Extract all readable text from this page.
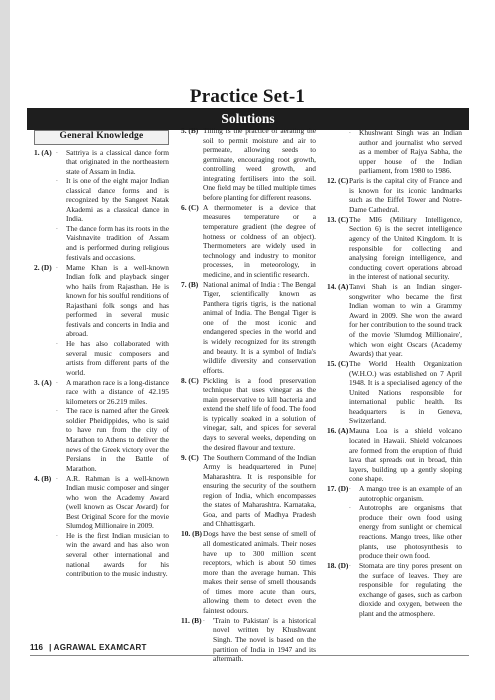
Practice Set-1
Solutions
General Knowledge
1. (A) ∙	Sattriya is a classical dance form that originated in the northeastern state of Assam in India.
∙	It is one of the eight major Indian classical dance forms and is recognized by the Sangeet Natak Akademi as a classical dance in India.
∙	The dance form has its roots in the Vaishnavite tradition of Assam and is performed during religious festivals and occasions.
2. (D) ∙	Mame Khan is a well-known Indian folk and playback singer who hails from Rajasthan. He is known for his soulful renditions of Rajasthani folk songs and has performed in several music festivals and concerts in India and abroad.
∙	He has also collaborated with several music composers and artists from different parts of the world.
3. (A) ∙	A marathon race is a long-distance race with a distance of 42.195 kilometers or 26.219 miles.
∙	The race is named after the Greek soldier Pheidippides, who is said to have run from the city of Marathon to Athens to deliver the news of the Greek victory over the Persians in the Battle of Marathon.
4. (B) ∙	A.R. Rahman is a well-known Indian music composer and singer who won the Academy Award (well known as Oscar Award) for Best Original Score for the movie Slumdog Millionaire in 2009.
∙	He is the first Indian musician to win the award and has also won several other international and national awards for his contribution to the music industry.
5. (B) Tilling is the practice of aerating the soil to permit moisture and air to permeate, allowing seeds to germinate, encouraging root growth, controlling weed growth, and integrating fertilisers into the soil. One field may be tilled multiple times before planting for different reasons.
6. (C) A thermometer is a device that measures temperature or a temperature gradient (the degree of hotness or coldness of an object). Thermometers are widely used in technology and industry to monitor processes, in meteorology, in medicine, and in scientific research.
7. (B) National animal of India : The Bengal Tiger, scientifically known as Panthera tigris tigris, is the national animal of India. The Bengal Tiger is one of the most iconic and endangered species in the world and is widely recognized for its strength and beauty. It is a symbol of India's wildlife diversity and conservation efforts.
8. (C) Pickling is a food preservation technique that uses vinegar as the main preservative to kill bacteria and extend the shelf life of food. The food is typically soaked in a solution of vinegar, salt, and spices for several days to several weeks, depending on the desired flavour and texture.
9. (C) The Southern Command of the Indian Army is headquartered in Pune| Maharashtra. It is responsible for ensuring the security of the southern region of India, which encompasses the states of Maharashtra. Karnataka, Goa, and parts of Madhya Pradesh and Chhattisgarh.
10. (B) Dogs have the best sense of smell of all domesticated animals. Their noses have up to 300 million scent receptors, which is about 50 times more than the average human. This makes their sense of smell thousands of times more acute than ours, allowing them to detect even the faintest odours.
11. (B) ∙	'Train to Pakistan' is a historical novel written by Khushwant Singh. The novel is based on the partition of India in 1947 and its aftermath.
∙	Khushwant Singh was an Indian author and journalist who served as a member of Rajya Sabha, the upper house of the Indian parliament, from 1980 to 1986.
12. (C) Paris is the capital city of France and is known for its iconic landmarks such as the Eiffel Tower and Notre-Dame Cathedral.
13. (C) The MI6 (Military Intelligence, Section 6) is the secret intelligence agency of the United Kingdom. It is responsible for collecting and analysing foreign intelligence, and conducting covert operations abroad in the interest of national security.
14. (A) Tanvi Shah is an Indian singer-songwriter who became the first Indian woman to win a Grammy Award in 2009. She won the award for her contribution to the sound track of the movie 'Slumdog Millionaire', which won eight Oscars (Academy Awards) that year.
15. (C) The World Health Organization (W.H.O.) was established on 7 April 1948. It is a specialised agency of the United Nations responsible for international public health. Its headquarters is in Geneva, Switzerland.
16. (A) Mauna Loa is a shield volcano located in Hawaii. Shield volcanoes are formed from the eruption of fluid lava that spreads out in broad, thin layers, building up a gently sloping cone shape.
17. (D) ∙	A mango tree is an example of an autotrophic organism.
∙	Autotrophs are organisms that produce their own food using energy from sunlight or chemical reactions. Mango trees, like other plants, use photosynthesis to produce their own food.
18. (D) ∙	Stomata are tiny pores present on the surface of leaves. They are responsible for regulating the exchange of gases, such as carbon dioxide and oxygen, between the plant and the atmosphere.
116 | AGRAWAL EXAMCART
